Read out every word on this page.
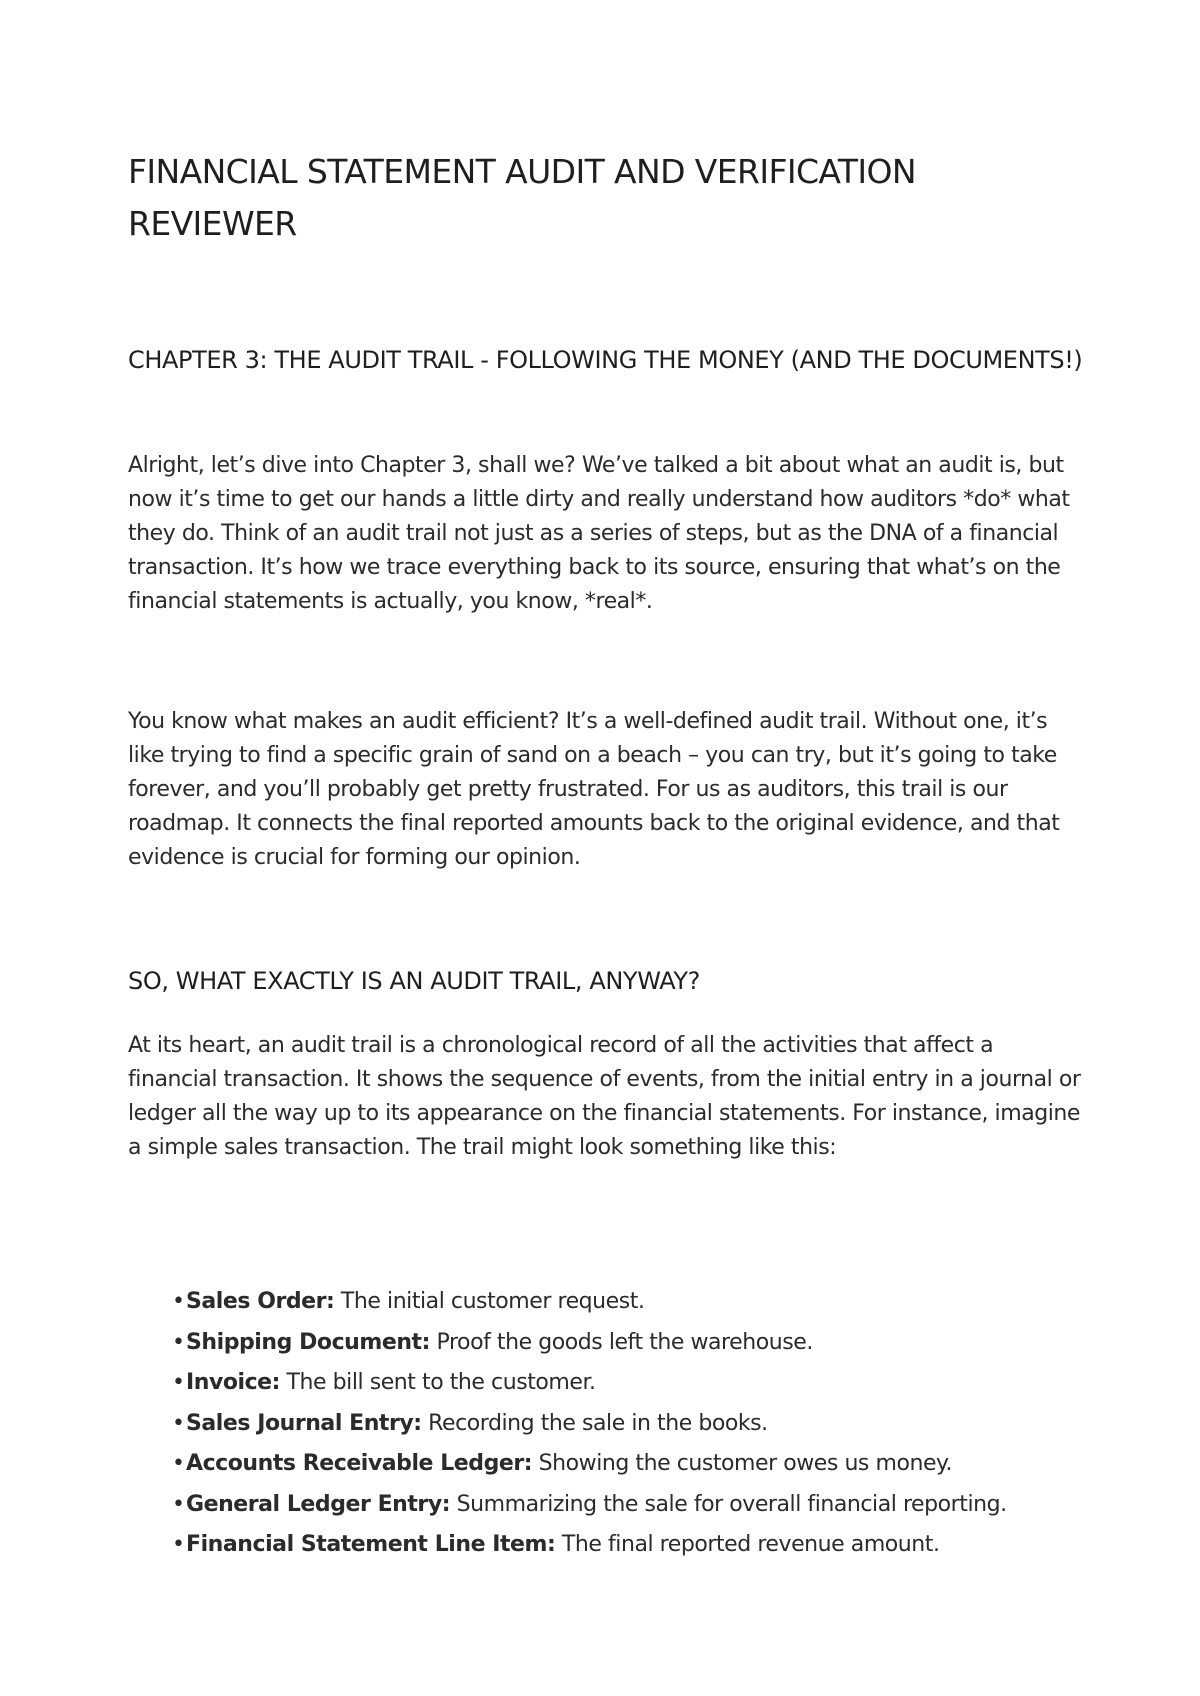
FINANCIAL STATEMENT AUDIT AND VERIFICATION REVIEWER
CHAPTER 3: THE AUDIT TRAIL - FOLLOWING THE MONEY (AND THE DOCUMENTS!)

Alright, let’s dive into Chapter 3, shall we? We’ve talked a bit about what an audit is, but now it’s time to get our hands a little dirty and really understand how auditors *do* what they do. Think of an audit trail not just as a series of steps, but as the DNA of a financial transaction. It’s how we trace everything back to its source, ensuring that what’s on the financial statements is actually, you know, *real*.

You know what makes an audit efficient? It’s a well-defined audit trail. Without one, it’s like trying to find a specific grain of sand on a beach – you can try, but it’s going to take forever, and you’ll probably get pretty frustrated. For us as auditors, this trail is our roadmap. It connects the final reported amounts back to the original evidence, and that evidence is crucial for forming our opinion.

SO, WHAT EXACTLY IS AN AUDIT TRAIL, ANYWAY?

At its heart, an audit trail is a chronological record of all the activities that affect a financial transaction. It shows the sequence of events, from the initial entry in a journal or ledger all the way up to its appearance on the financial statements. For instance, imagine a simple sales transaction. The trail might look something like this:

•Sales Order: The initial customer request.
•Shipping Document: Proof the goods left the warehouse.
•Invoice: The bill sent to the customer.
•Sales Journal Entry: Recording the sale in the books.
•Accounts Receivable Ledger: Showing the customer owes us money.
•General Ledger Entry: Summarizing the sale for overall financial reporting.
•Financial Statement Line Item: The final reported revenue amount.
